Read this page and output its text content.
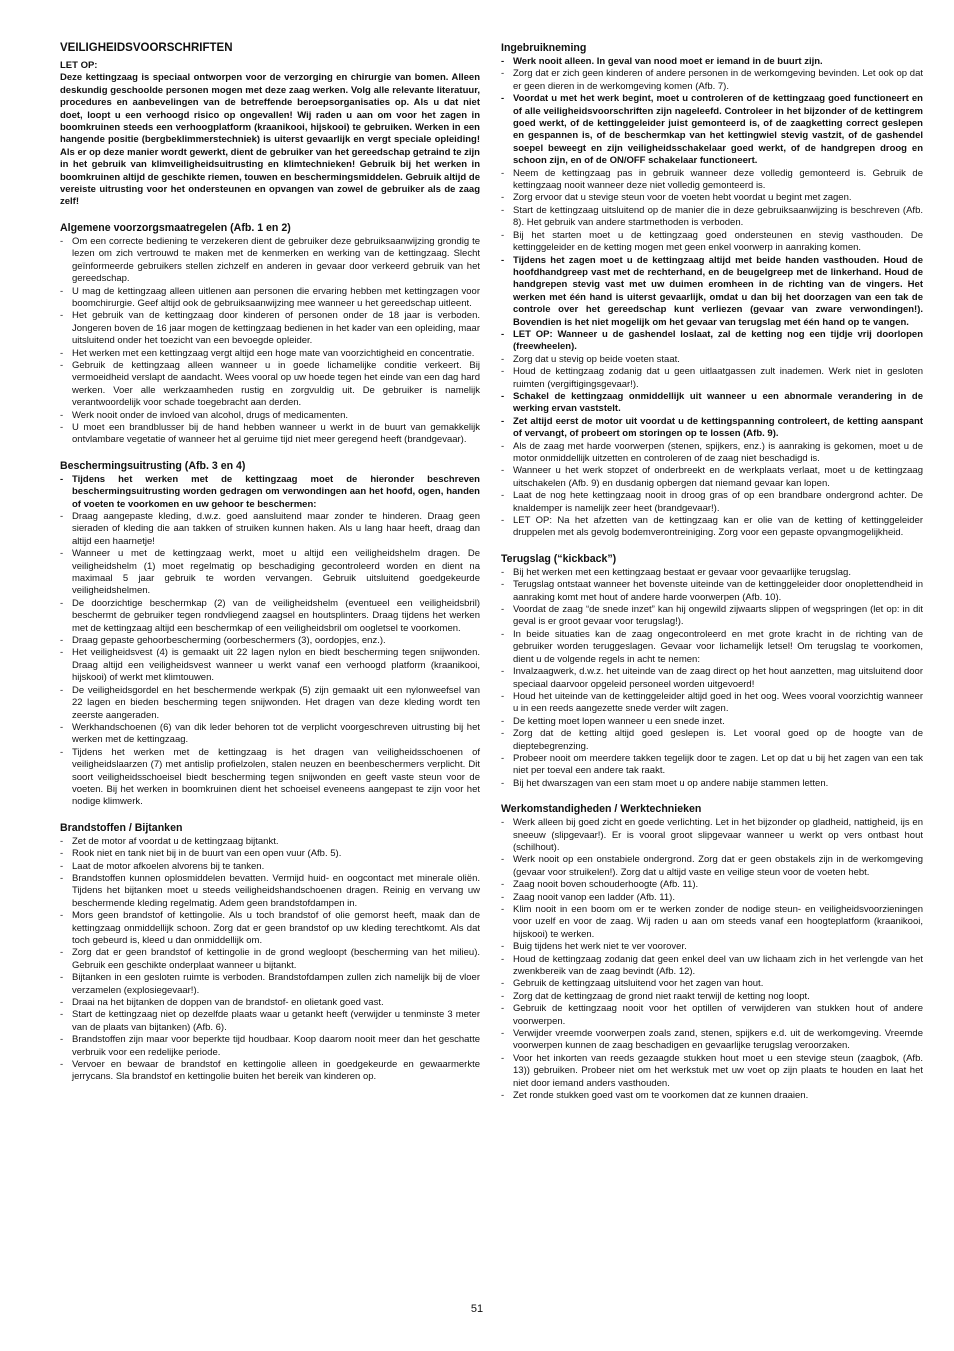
VEILIGHEIDSVOORSCHRIFTEN
LET OP:
Deze kettingzaag is speciaal ontworpen voor de verzorging en chirurgie van bomen. Alleen deskundig geschoolde personen mogen met deze zaag werken. Volg alle relevante literatuur, procedures en aanbevelingen van de betreffende beroepsorganisaties op. Als u dat niet doet, loopt u een verhoogd risico op ongevallen! Wij raden u aan om voor het zagen in boomkruinen steeds een verhoogplatform (kraanikooi, hijskooi) te gebruiken. Werken in een hangende positie (bergbeklimmerstechniek) is uiterst gevaarlijk en vergt speciale opleiding! Als er op deze manier wordt gewerkt, dient de gebruiker van het gereedschap getraind te zijn in het gebruik van klimveiligheidsuitrusting en klimtechnieken! Gebruik bij het werken in boomkruinen altijd de geschikte riemen, touwen en beschermingsmiddelen. Gebruik altijd de vereiste uitrusting voor het ondersteunen en opvangen van zowel de gebruiker als de zaag zelf!
Algemene voorzorgsmaatregelen (Afb. 1 en 2)
- Om een correcte bediening te verzekeren dient de gebruiker deze gebruiksaanwijzing grondig te lezen om zich vertrouwd te maken met de kenmerken en werking van de kettingzaag. Slecht geïnformeerde gebruikers stellen zichzelf en anderen in gevaar door verkeerd gebruik van het gereedschap.
- U mag de kettingzaag alleen uitlenen aan personen die ervaring hebben met kettingzagen voor boomchirurgie. Geef altijd ook de gebruiksaanwijzing mee wanneer u het gereedschap uitleent.
- Het gebruik van de kettingzaag door kinderen of personen onder de 18 jaar is verboden. Jongeren boven de 16 jaar mogen de kettingzaag bedienen in het kader van een opleiding, maar uitsluitend onder het toezicht van een bevoegde opleider.
- Het werken met een kettingzaag vergt altijd een hoge mate van voorzichtigheid en concentratie.
- Gebruik de kettingzaag alleen wanneer u in goede lichamelijke conditie verkeert. Bij vermoeidheid verslapt de aandacht. Wees vooral op uw hoede tegen het einde van een dag hard werken. Voer alle werkzaamheden rustig en zorgvuldig uit. De gebruiker is namelijk verantwoordelijk voor schade toegebracht aan derden.
- Werk nooit onder de invloed van alcohol, drugs of medicamenten.
- U moet een brandblusser bij de hand hebben wanneer u werkt in de buurt van gemakkelijk ontvlambare vegetatie of wanneer het al geruime tijd niet meer geregend heeft (brandgevaar).
Beschermingsuitrusting (Afb. 3 en 4)
- Tijdens het werken met de kettingzaag moet de hieronder beschreven beschermingsuitrusting worden gedragen om verwondingen aan het hoofd, ogen, handen of voeten te voorkomen en uw gehoor te beschermen:
- Draag aangepaste kleding, d.w.z. goed aansluitend maar zonder te hinderen. Draag geen sieraden of kleding die aan takken of struiken kunnen haken. Als u lang haar heeft, draag dan altijd een haarnetje!
- Wanneer u met de kettingzaag werkt, moet u altijd een veiligheidshelm dragen. De veiligheidshelm (1) moet regelmatig op beschadiging gecontroleerd worden en dient na maximaal 5 jaar gebruik te worden vervangen. Gebruik uitsluitend goedgekeurde veiligheidshelmen.
- De doorzichtige beschermkap (2) van de veiligheidshelm (eventueel een veiligheidsbril) beschermt de gebruiker tegen rondvliegend zaagsel en houtsplinters. Draag tijdens het werken met de kettingzaag altijd een beschermkap of een veiligheidsbril om oogletsel te voorkomen.
- Draag gepaste gehoorbescherming (oorbeschermers (3), oordopjes, enz.).
- Het veiligheidsvest (4) is gemaakt uit 22 lagen nylon en biedt bescherming tegen snijwonden. Draag altijd een veiligheidsvest wanneer u werkt vanaf een verhoogd platform (kraanikooi, hijskooi) of werkt met klimtouwen.
- De veiligheidsgordel en het beschermende werkpak (5) zijn gemaakt uit een nylonweefsel van 22 lagen en bieden bescherming tegen snijwonden. Het dragen van deze kleding wordt ten zeerste aangeraden.
- Werkhandschoenen (6) van dik leder behoren tot de verplicht voorgeschreven uitrusting bij het werken met de kettingzaag.
- Tijdens het werken met de kettingzaag is het dragen van veiligheidsschoenen of veiligheidslaarzen (7) met antislip profielzolen, stalen neuzen en beenbeschermers verplicht. Dit soort veiligheidsschoeisel biedt bescherming tegen snijwonden en geeft vaste steun voor de voeten. Bij het werken in boomkruinen dient het schoeisel eveneens aangepast te zijn voor het nodige klimwerk.
Brandstoffen / Bijtanken
- Zet de motor af voordat u de kettingzaag bijtankt.
- Rook niet en tank niet bij in de buurt van een open vuur (Afb. 5).
- Laat de motor afkoelen alvorens bij te tanken.
- Brandstoffen kunnen oplosmiddelen bevatten. Vermijd huid- en oogcontact met minerale oliën. Tijdens het bijtanken moet u steeds veiligheidshandschoenen dragen. Reinig en vervang uw beschermende kleding regelmatig. Adem geen brandstofdampen in.
- Mors geen brandstof of kettingolie. Als u toch brandstof of olie gemorst heeft, maak dan de kettingzaag onmiddellijk schoon. Zorg dat er geen brandstof op uw kleding terechtkomt. Als dat toch gebeurd is, kleed u dan onmiddellijk om.
- Zorg dat er geen brandstof of kettingolie in de grond wegloopt (bescherming van het milieu). Gebruik een geschikte onderplaat wanneer u bijtankt.
- Bijtanken in een gesloten ruimte is verboden. Brandstofdampen zullen zich namelijk bij de vloer verzamelen (explosiegevaar!).
- Draai na het bijtanken de doppen van de brandstof- en olietank goed vast.
- Start de kettingzaag niet op dezelfde plaats waar u getankt heeft (verwijder u tenminste 3 meter van de plaats van bijtanken) (Afb. 6).
- Brandstoffen zijn maar voor beperkte tijd houdbaar. Koop daarom nooit meer dan het geschatte verbruik voor een redelijke periode.
- Vervoer en bewaar de brandstof en kettingolie alleen in goedgekeurde en gewaarmerkte jerrycans. Sla brandstof en kettingolie buiten het bereik van kinderen op.
Ingebruikneming
- Werk nooit alleen. In geval van nood moet er iemand in de buurt zijn.
- Zorg dat er zich geen kinderen of andere personen in de werkomgeving bevinden. Let ook op dat er geen dieren in de werkomgeving komen (Afb. 7).
- Voordat u met het werk begint, moet u controleren of de kettingzaag goed functioneert en of alle veiligheidsvoorschriften zijn nageleefd. Controleer in het bijzonder of de kettingrem goed werkt, of de kettinggeleider juist gemonteerd is, of de zaagketting correct geslepen en gespannen is, of de beschermkap van het kettingwiel stevig vastzit, of de gashendel soepel beweegt en zijn veiligheidsschakelaar goed werkt, of de handgrepen droog en schoon zijn, en of de ON/OFF schakelaar functioneert.
- Neem de kettingzaag pas in gebruik wanneer deze volledig gemonteerd is. Gebruik de kettingzaag nooit wanneer deze niet volledig gemonteerd is.
- Zorg ervoor dat u stevige steun voor de voeten hebt voordat u begint met zagen.
- Start de kettingzaag uitsluitend op de manier die in deze gebruiksaanwijzing is beschreven (Afb. 8). Het gebruik van andere startmethoden is verboden.
- Bij het starten moet u de kettingzaag goed ondersteunen en stevig vasthouden. De kettinggeleider en de ketting mogen met geen enkel voorwerp in aanraking komen.
- Tijdens het zagen moet u de kettingzaag altijd met beide handen vasthouden. Houd de hoofdhandgreep vast met de rechterhand, en de beugelgreep met de linkerhand. Houd de handgrepen stevig vast met uw duimen eromheen in de richting van de vingers. Het werken met één hand is uiterst gevaarlijk, omdat u dan bij het doorzagen van een tak de controle over het gereedschap kunt verliezen (gevaar van zware verwondingen!). Bovendien is het niet mogelijk om het gevaar van terugslag met één hand op te vangen.
- LET OP: Wanneer u de gashendel loslaat, zal de ketting nog een tijdje vrij doorlopen (freewheelen).
- Zorg dat u stevig op beide voeten staat.
- Houd de kettingzaag zodanig dat u geen uitlaatgassen zult inademen. Werk niet in gesloten ruimten (vergiftigingsgevaar!).
- Schakel de kettingzaag onmiddellijk uit wanneer u een abnormale verandering in de werking ervan vaststelt.
- Zet altijd eerst de motor uit voordat u de kettingspanning controleert, de ketting aanspant of vervangt, of probeert om storingen op te lossen (Afb. 9).
- Als de zaag met harde voorwerpen (stenen, spijkers, enz.) is aanraking is gekomen, moet u de motor onmiddellijk uitzetten en controleren of de zaag niet beschadigd is.
- Wanneer u het werk stopzet of onderbreekt en de werkplaats verlaat, moet u de kettingzaag uitschakelen (Afb. 9) en dusdanig opbergen dat niemand gevaar kan lopen.
- Laat de nog hete kettingzaag nooit in droog gras of op een brandbare ondergrond achter. De knaldemper is namelijk zeer heet (brandgevaar!).
- LET OP: Na het afzetten van de kettingzaag kan er olie van de ketting of kettinggeleider druppelen met als gevolg bodemverontreiniging. Zorg voor een gepaste opvangmogelijkheid.
Terugslag (“kickback”)
- Bij het werken met een kettingzaag bestaat er gevaar voor gevaarlijke terugslag.
- Terugslag ontstaat wanneer het bovenste uiteinde van de kettinggeleider door onoplettendheid in aanraking komt met hout of andere harde voorwerpen (Afb. 10).
- Voordat de zaag “de snede inzet” kan hij ongewild zijwaarts slippen of wegspringen (let op: in dit geval is er groot gevaar voor terugslag!).
- In beide situaties kan de zaag ongecontroleerd en met grote kracht in de richting van de gebruiker worden teruggeslagen. Gevaar voor lichamelijk letsel! Om terugslag te voorkomen, dient u de volgende regels in acht te nemen:
- Invalzaagwerk, d.w.z. het uiteinde van de zaag direct op het hout aanzetten, mag uitsluitend door speciaal daarvoor opgeleid personeel worden uitgevoerd!
- Houd het uiteinde van de kettinggeleider altijd goed in het oog. Wees vooral voorzichtig wanneer u in een reeds aangezette snede verder wilt zagen.
- De ketting moet lopen wanneer u een snede inzet.
- Zorg dat de ketting altijd goed geslepen is. Let vooral goed op de hoogte van de dieptebegrenzing.
- Probeer nooit om meerdere takken tegelijk door te zagen. Let op dat u bij het zagen van een tak niet per toeval een andere tak raakt.
- Bij het dwarszagen van een stam moet u op andere nabije stammen letten.
Werkomstandigheden / Werktechnieken
- Werk alleen bij goed zicht en goede verlichting. Let in het bijzonder op gladheid, nattigheid, ijs en sneeuw (slipgevaar!). Er is vooral groot slipgevaar wanneer u werkt op vers ontbast hout (schilhout).
- Werk nooit op een onstabiele ondergrond. Zorg dat er geen obstakels zijn in de werkomgeving (gevaar voor struikelen!). Zorg dat u altijd vaste en veilige steun voor de voeten hebt.
- Zaag nooit boven schouderhoogte (Afb. 11).
- Zaag nooit vanop een ladder (Afb. 11).
- Klim nooit in een boom om er te werken zonder de nodige steun- en veiligheidsvoorzieningen voor uzelf en voor de zaag. Wij raden u aan om steeds vanaf een hoogteplatform (kraanikooi, hijskooi) te werken.
- Buig tijdens het werk niet te ver voorover.
- Houd de kettingzaag zodanig dat geen enkel deel van uw lichaam zich in het verlengde van het zwenkbereik van de zaag bevindt (Afb. 12).
- Gebruik de kettingzaag uitsluitend voor het zagen van hout.
- Zorg dat de kettingzaag de grond niet raakt terwijl de ketting nog loopt.
- Gebruik de kettingzaag nooit voor het optillen of verwijderen van stukken hout of andere voorwerpen.
- Verwijder vreemde voorwerpen zoals zand, stenen, spijkers e.d. uit de werkomgeving. Vreemde voorwerpen kunnen de zaag beschadigen en gevaarlijke terugslag veroorzaken.
- Voor het inkorten van reeds gezaagde stukken hout moet u een stevige steun (zaagbok, (Afb. 13)) gebruiken. Probeer niet om het werkstuk met uw voet op zijn plaats te houden en laat het niet door iemand anders vasthouden.
- Zet ronde stukken goed vast om te voorkomen dat ze kunnen draaien.
51
